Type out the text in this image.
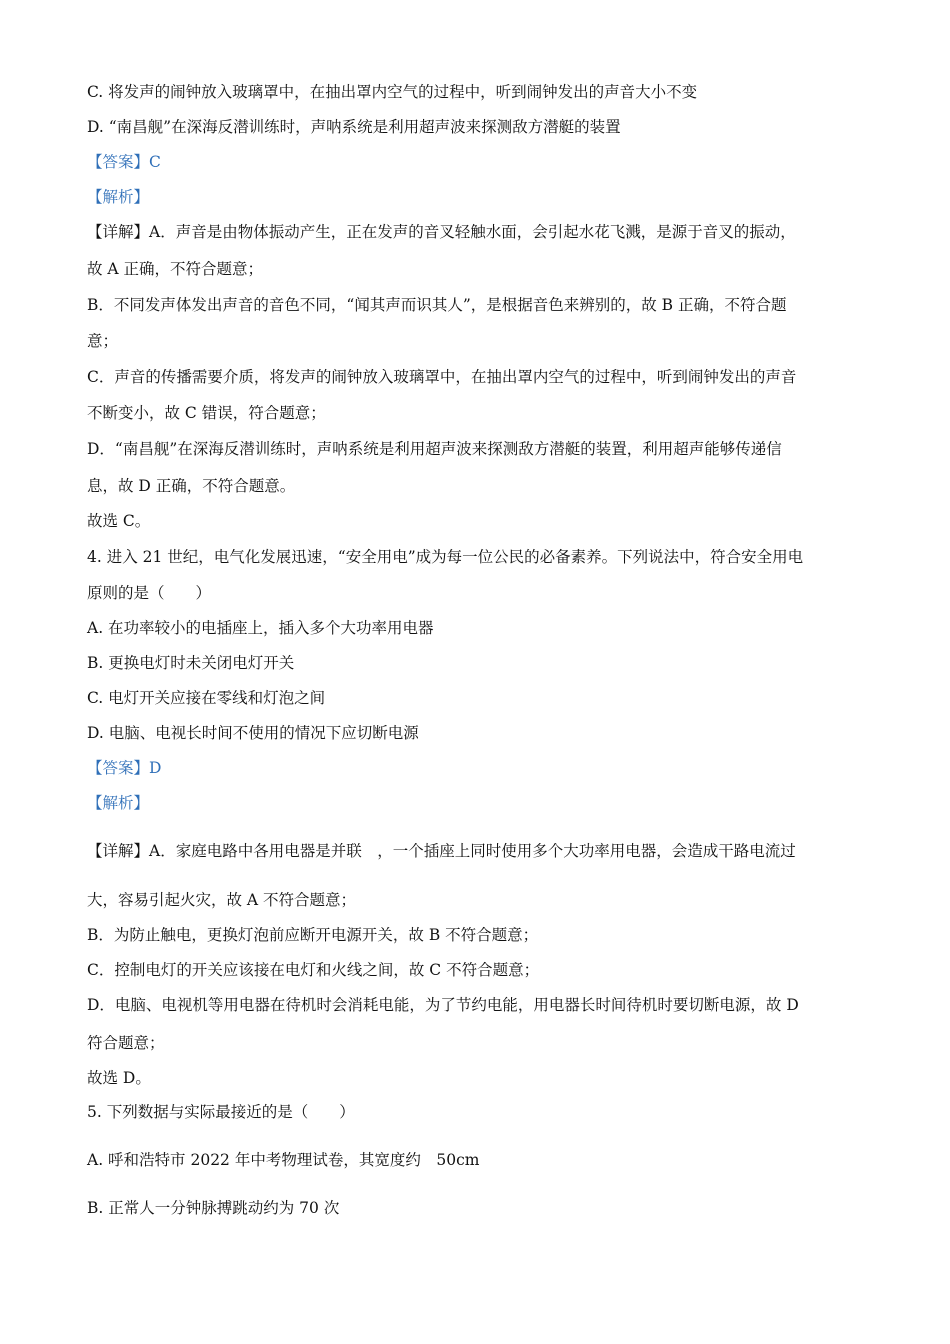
C. 将发声的闹钟放入玻璃罩中，在抽出罩内空气的过程中，听到闹钟发出的声音大小不变
D. “南昌舰”在深海反潜训练时，声呐系统是利用超声波来探测敌方潜艇的装置
【答案】C
【解析】
【详解】A．声音是由物体振动产生，正在发声的音叉轻触水面，会引起水花飞溅，是源于音叉的振动，
故 A 正确，不符合题意；
B．不同发声体发出声音的音色不同，“闻其声而识其人”，是根据音色来辨别的，故 B 正确，不符合题
意；
C．声音的传播需要介质，将发声的闹钟放入玻璃罩中，在抽出罩内空气的过程中，听到闹钟发出的声音
不断变小，故 C 错误，符合题意；
D．“南昌舰”在深海反潜训练时，声呐系统是利用超声波来探测敌方潜艇的装置，利用超声能够传递信
息，故 D 正确，不符合题意。
故选 C。
4. 进入 21 世纪，电气化发展迅速，“安全用电”成为每一位公民的必备素养。下列说法中，符合安全用电
原则的是（　　）
A. 在功率较小的电插座上，插入多个大功率用电器
B. 更换电灯时未关闭电灯开关
C. 电灯开关应接在零线和灯泡之间
D. 电脑、电视长时间不使用的情况下应切断电源
【答案】D
【解析】
【详解】A．家庭电路中各用电器是并联　，一个插座上同时使用多个大功率用电器，会造成干路电流过
大，容易引起火灾，故 A 不符合题意；
B．为防止触电，更换灯泡前应断开电源开关，故 B 不符合题意；
C．控制电灯的开关应该接在电灯和火线之间，故 C 不符合题意；
D．电脑、电视机等用电器在待机时会消耗电能，为了节约电能，用电器长时间待机时要切断电源，故 D
符合题意；
故选 D。
5. 下列数据与实际最接近的是（　　）
A. 呼和浩特市 2022 年中考物理试卷，其宽度约　50cm
B. 正常人一分钟脉搏跳动约为 70 次
